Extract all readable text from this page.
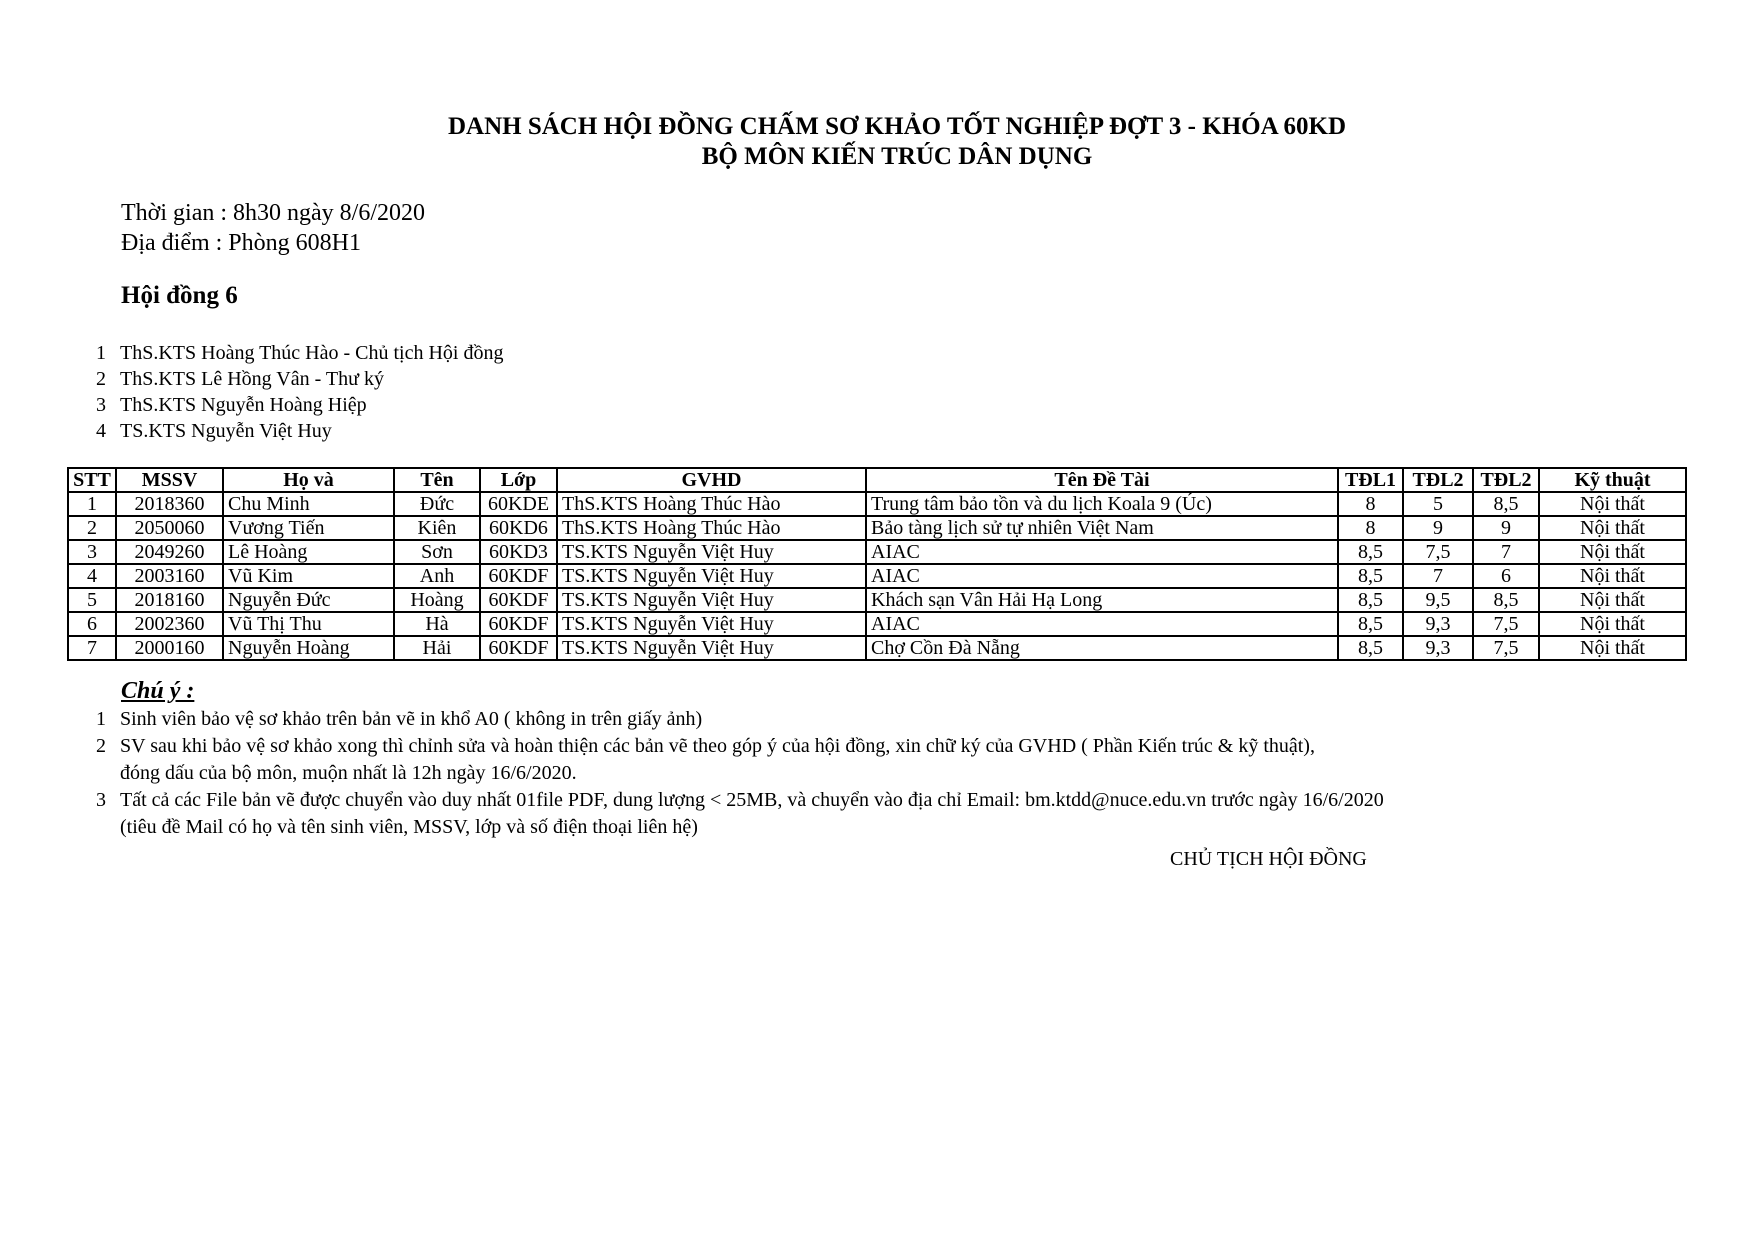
DANH SÁCH HỘI ĐỒNG CHẤM SƠ KHẢO TỐT NGHIỆP ĐỢT 3 - KHÓA 60KD
BỘ MÔN KIẾN TRÚC DÂN DỤNG
Thời gian : 8h30 ngày 8/6/2020
Địa điểm : Phòng 608H1
Hội đồng 6
1 ThS.KTS Hoàng Thúc Hào - Chủ tịch Hội đồng
2 ThS.KTS Lê Hồng Vân - Thư ký
3 ThS.KTS Nguyễn Hoàng Hiệp
4 TS.KTS Nguyễn Việt Huy
STT	MSSV	Họ và	Tên	Lớp	GVHD	Tên Đề Tài	TĐL1	TĐL2	TĐL2	Kỹ thuật
1	2018360	Chu Minh	Đức	60KDE	ThS.KTS Hoàng Thúc Hào	Trung tâm bảo tồn và du lịch Koala 9 (Úc)	8	5	8,5	Nội thất
2	2050060	Vương Tiến	Kiên	60KD6	ThS.KTS Hoàng Thúc Hào	Bảo tàng lịch sử tự nhiên Việt Nam	8	9	9	Nội thất
3	2049260	Lê Hoàng	Sơn	60KD3	TS.KTS Nguyễn Việt Huy	AIAC	8,5	7,5	7	Nội thất
4	2003160	Vũ Kim	Anh	60KDF	TS.KTS Nguyễn Việt Huy	AIAC	8,5	7	6	Nội thất
5	2018160	Nguyễn Đức	Hoàng	60KDF	TS.KTS Nguyễn Việt Huy	Khách sạn Vân Hải Hạ Long	8,5	9,5	8,5	Nội thất
6	2002360	Vũ Thị Thu	Hà	60KDF	TS.KTS Nguyễn Việt Huy	AIAC	8,5	9,3	7,5	Nội thất
7	2000160	Nguyễn Hoàng	Hải	60KDF	TS.KTS Nguyễn Việt Huy	Chợ Cồn Đà Nẵng	8,5	9,3	7,5	Nội thất
Chú ý :
1 Sinh viên bảo vệ sơ khảo trên bản vẽ in khổ A0 ( không in trên giấy ảnh)
2 SV sau khi bảo vệ sơ khảo xong thì chỉnh sửa và hoàn thiện các bản vẽ theo góp ý của hội đồng, xin chữ ký của GVHD ( Phần Kiến trúc & kỹ thuật),
đóng dấu của bộ môn, muộn nhất là 12h ngày 16/6/2020.
3 Tất cả các File bản vẽ được chuyển vào duy nhất 01file PDF, dung lượng < 25MB, và chuyển vào địa chỉ Email: bm.ktdd@nuce.edu.vn trước ngày 16/6/2020
(tiêu đề Mail có họ và tên sinh viên, MSSV, lớp và số điện thoại liên hệ)
CHỦ TỊCH HỘI ĐỒNG
